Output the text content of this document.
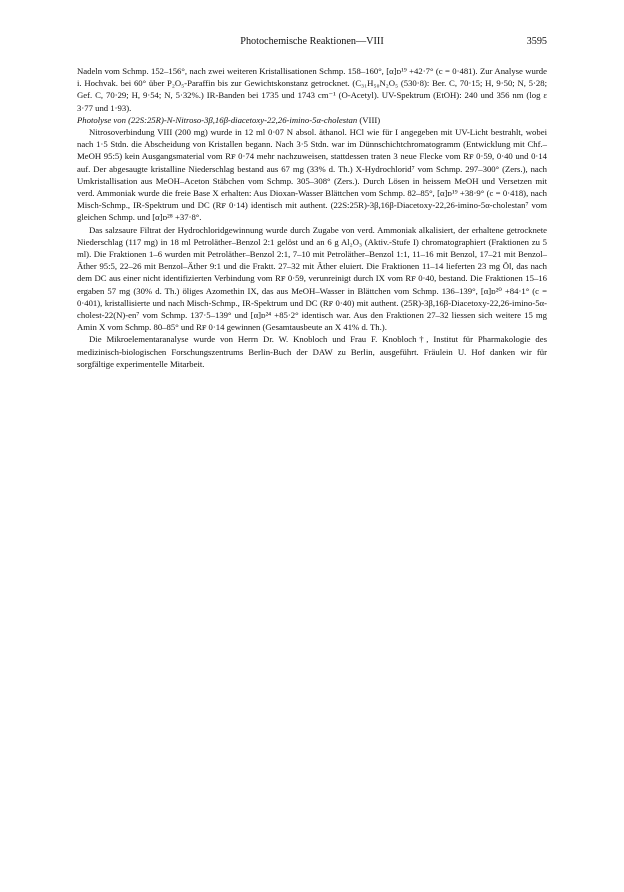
Photochemische Reaktionen—VIII	3595

Nadeln vom Schmp. 152–156°, nach zwei weiteren Kristallisationen Schmp. 158–160°, [α]ᴅ¹⁹ +42·7° (c = 0·481). Zur Analyse wurde i. Hochvak. bei 60° über P₂O₅-Paraffin bis zur Gewichtskonstanz getrocknet. (C₃₁H₅₀N₂O₅ (530·8): Ber. C, 70·15; H, 9·50; N, 5·28; Gef. C, 70·29; H, 9·54; N, 5·32%.) IR-Banden bei 1735 und 1743 cm⁻¹ (O-Acetyl). UV-Spektrum (EtOH): 240 und 356 nm (log ε 3·77 und 1·93).

Photolyse von (22S:25R)-N-Nitroso-3β,16β-diacetoxy-22,26-imino-5α-cholestan (VIII)

Nitrosoverbindung VIII (200 mg) wurde in 12 ml 0·07 N absol. äthanol. HCl wie für I angegeben mit UV-Licht bestrahlt, wobei nach 1·5 Stdn. die Abscheidung von Kristallen begann. Nach 3·5 Stdn. war im Dünnschichtchromatogramm (Entwicklung mit Chf.–MeOH 95:5) kein Ausgangsmaterial vom Rꜰ 0·74 mehr nachzuweisen, stattdessen traten 3 neue Flecke vom Rꜰ 0·59, 0·40 und 0·14 auf. Der abgesaugte kristalline Niederschlag bestand aus 67 mg (33% d. Th.) X-Hydrochlorid⁷ vom Schmp. 297–300° (Zers.), nach Umkristallisation aus MeOH–Aceton Stäbchen vom Schmp. 305–308° (Zers.). Durch Lösen in heissem MeOH und Versetzen mit verd. Ammoniak wurde die freie Base X erhalten: Aus Dioxan-Wasser Blättchen vom Schmp. 82–85°, [α]ᴅ¹⁹ +38·9° (c = 0·418), nach Misch-Schmp., IR-Spektrum und DC (Rꜰ 0·14) identisch mit authent. (22S:25R)-3β,16β-Diacetoxy-22,26-imino-5α-cholestan⁷ vom gleichen Schmp. und [α]ᴅ²⁸ +37·8°.

Das salzsaure Filtrat der Hydrochloridgewinnung wurde durch Zugabe von verd. Ammoniak alkalisiert, der erhaltene getrocknete Niederschlag (117 mg) in 18 ml Petroläther–Benzol 2:1 gelöst und an 6 g Al₂O₃ (Aktiv.-Stufe I) chromatographiert (Fraktionen zu 5 ml). Die Fraktionen 1–6 wurden mit Petroläther–Benzol 2:1, 7–10 mit Petroläther–Benzol 1:1, 11–16 mit Benzol, 17–21 mit Benzol–Äther 95:5, 22–26 mit Benzol–Äther 9:1 und die Fraktt. 27–32 mit Äther eluiert. Die Fraktionen 11–14 lieferten 23 mg Öl, das nach dem DC aus einer nicht identifizierten Verbindung vom Rꜰ 0·59, verunreinigt durch IX vom Rꜰ 0·40, bestand. Die Fraktionen 15–16 ergaben 57 mg (30% d. Th.) öliges Azomethin IX, das aus MeOH–Wasser in Blättchen vom Schmp. 136–139°, [α]ᴅ²⁰ +84·1° (c = 0·401), kristallisierte und nach Misch-Schmp., IR-Spektrum und DC (Rꜰ 0·40) mit authent. (25R)-3β,16β-Diacetoxy-22,26-imino-5α-cholest-22(N)-en⁷ vom Schmp. 137·5–139° und [α]ᴅ²⁴ +85·2° identisch war. Aus den Fraktionen 27–32 liessen sich weitere 15 mg Amin X vom Schmp. 80–85° und Rꜰ 0·14 gewinnen (Gesamtausbeute an X 41% d. Th.).

Die Mikroelementaranalyse wurde von Herrn Dr. W. Knobloch und Frau F. Knobloch†, Institut für Pharmakologie des medizinisch-biologischen Forschungszentrums Berlin-Buch der DAW zu Berlin, ausgeführt. Fräulein U. Hof danken wir für sorgfältige experimentelle Mitarbeit.
